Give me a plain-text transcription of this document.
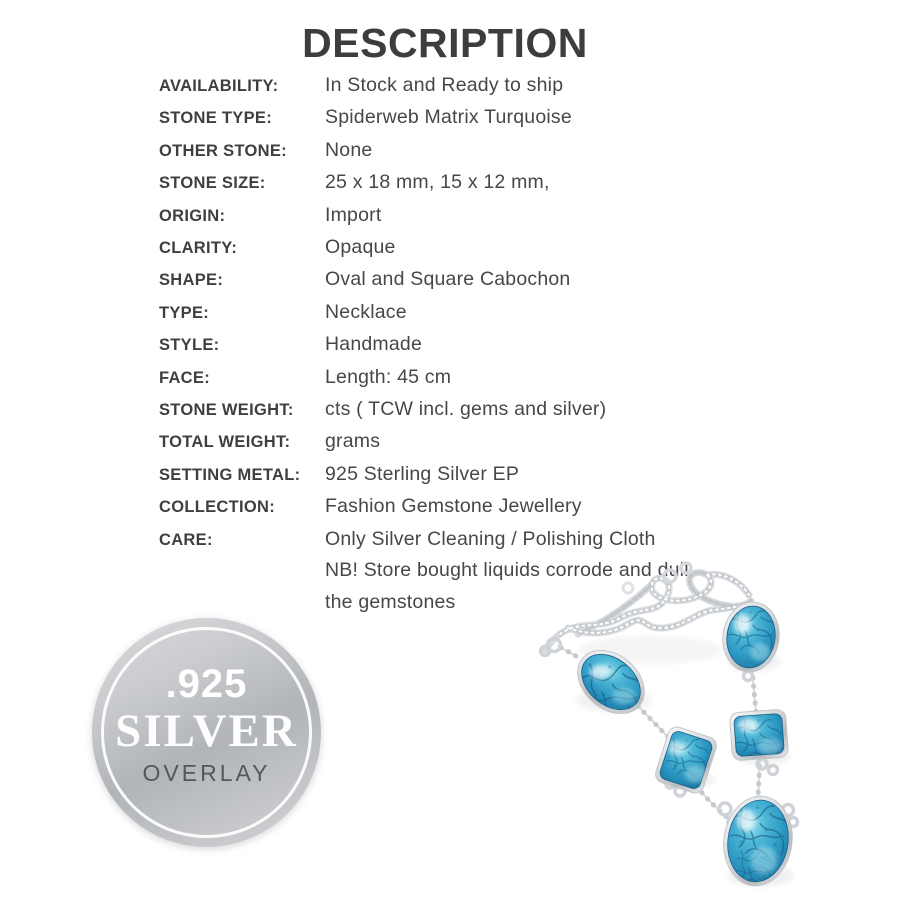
DESCRIPTION
AVAILABILITY:	In Stock and Ready to ship
STONE TYPE:	Spiderweb Matrix Turquoise
OTHER STONE:	None
STONE SIZE:	25 x 18 mm, 15 x 12 mm,
ORIGIN:	Import
CLARITY:	Opaque
SHAPE:	Oval and Square Cabochon
TYPE:	Necklace
STYLE:	Handmade
FACE:	Length: 45 cm
STONE WEIGHT:	cts ( TCW incl. gems and silver)
TOTAL WEIGHT:	grams
SETTING METAL:	925 Sterling Silver EP
COLLECTION:	Fashion Gemstone Jewellery
CARE:	Only Silver Cleaning / Polishing Cloth
NB! Store bought liquids corrode and dull
the gemstones
.925
SILVER
OVERLAY
